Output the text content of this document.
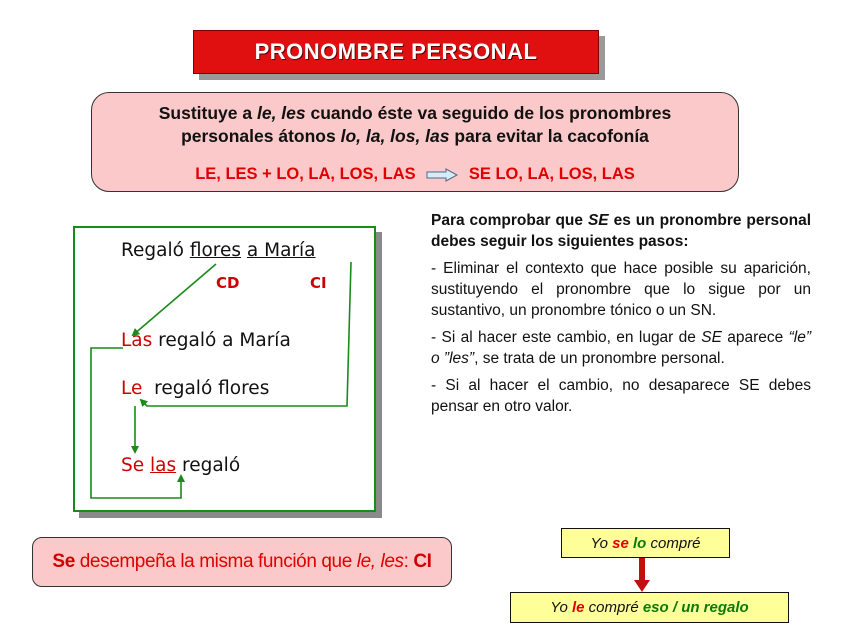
PRONOMBRE PERSONAL
Sustituye a le, les cuando éste va seguido de los pronombres
personales átonos lo, la, los, las para evitar la cacofonía
LE, LES + LO, LA, LOS, LAS	SE LO, LA, LOS, LAS
Regaló flores a María
CD	CI
Las regaló a María
Le regaló flores
Se las regaló

Para comprobar que SE es un pronombre personal debes seguir los siguientes pasos:

- Eliminar el contexto que hace posible su aparición, sustituyendo el pronombre que lo sigue por un sustantivo, un pronombre tónico o un SN.

- Si al hacer este cambio, en lugar de SE aparece “le” o ”les”, se trata de un pronombre personal.

- Si al hacer el cambio, no desaparece SE debes pensar en otro valor.

Se desempeña la misma función que le, les : CI
Yo se
lo compré
Yo le compré eso / un regalo
